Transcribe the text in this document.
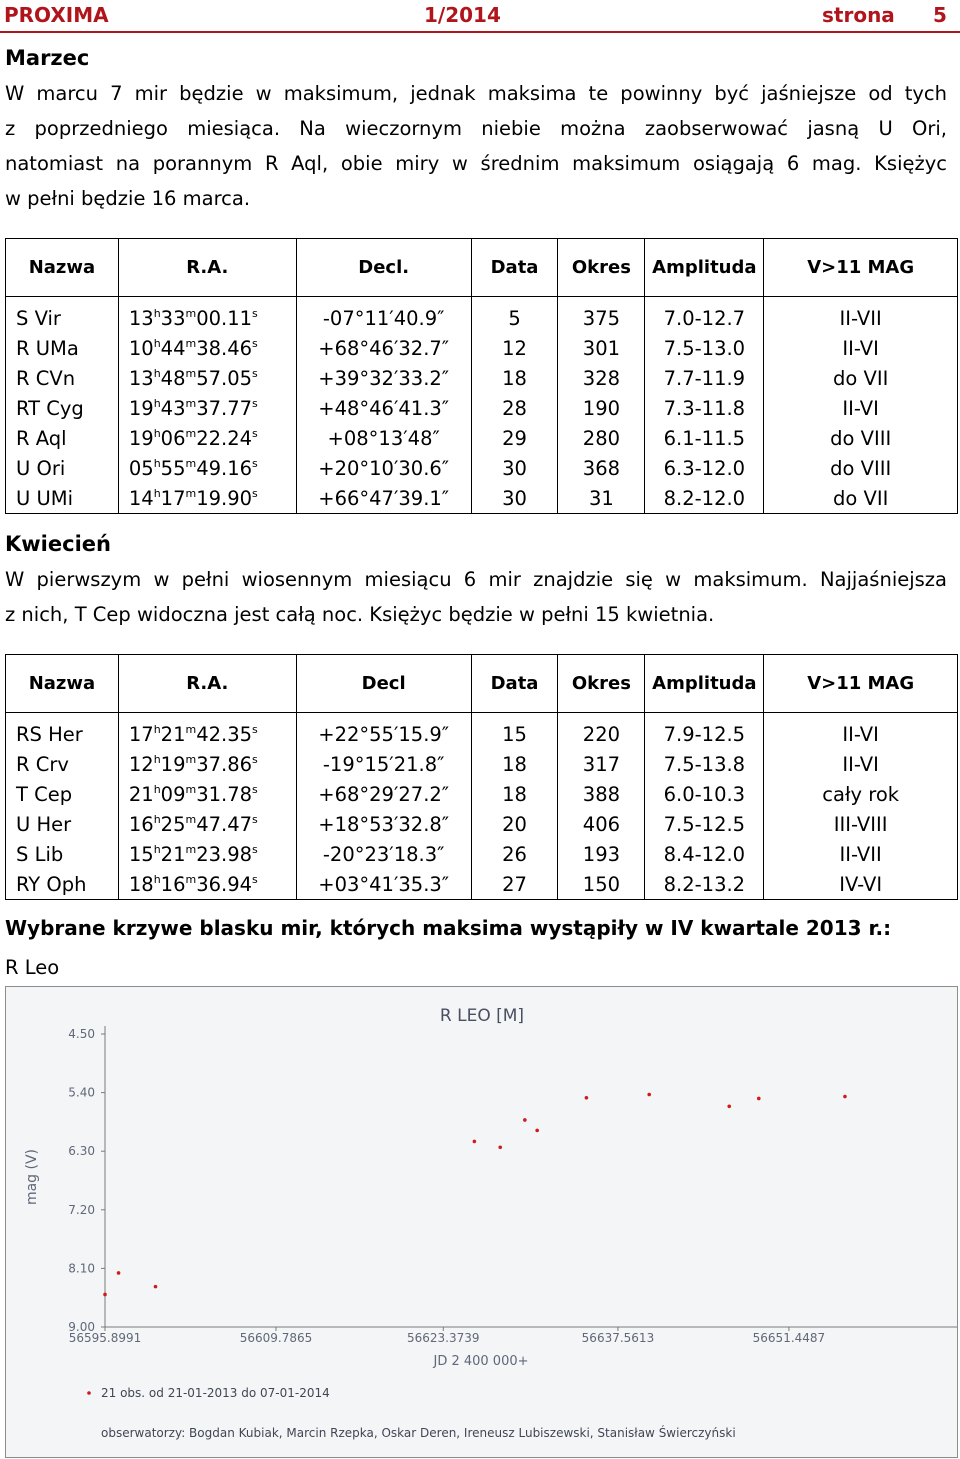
PROXIMA	1/2014	strona 5
Marzec
W marcu 7 mir będzie w maksimum, jednak maksima te powinny być jaśniejsze od tych
z poprzedniego miesiąca. Na wieczornym niebie można zaobserwować jasną U Ori,
natomiast na porannym R Aql, obie miry w średnim maksimum osiągają 6 mag. Księżyc
w pełni będzie 16 marca.
Nazwa	R.A.	Decl.	Data	Okres	Amplituda	V>11 MAG
S Vir	13$^h$33$^m$00.11$^s$	-07°11′40.9″	5	375	7.0-12.7	II-VII
R UMa	$10^h44^m38.46^s$	+68°46′32.7″	12	301	7.5-13.0	II-VI
R CVn	$13^h48^m57.05^s$	+39°32′33.2″	18	328	7.7-11.9	do VII
RT Cyg	$19^h43^m37.77^s$	+48°46′41.3″	28	190	7.3-11.8	II-VI
R Aql	$19^h06^m22.24^s$	+08°13′48″	29	280	6.1-11.5	do VIII
U Ori	$05^h55^m49.16^s$	+20°10′30.6″	30	368	6.3-12.0	do VIII
U UMi	$14^h17^m19.90^s$	+66°47′39.1″	30	31	8.2-12.0	do VII
Kwiecień
W pierwszym w pełni wiosennym miesiącu 6 mir znajdzie się w maksimum. Najjaśniejsza
z nich, T Cep widoczna jest całą noc. Księżyc będzie w pełni 15 kwietnia.
Nazwa	R.A.	Decl	Data	Okres	Amplituda	V>11 MAG
RS Her	$17^h21^m42.35^s$	+22°55′15.9″	15	220	7.9-12.5	II-VI
R Crv	12$^h$19$^m$37.86$^s$	-19°15′21.8″	18	317	7.5-13.8	II-VI
T Cep	$21^h09^m31.78^s$	+68°29′27.2″	18	388	6.0-10.3	cały rok
U Her	$16^h25^m47.47^s$	+18°53′32.8″	20	406	7.5-12.5	III-VIII
S Lib	15$^h$21$^m$23.98$^s$	-20°23′18.3″	26	193	8.4-12.0	II-VII
RY Oph	$18^h16^m36.94^s$	+03°41′35.3″	27	150	8.2-13.2	IV-VI
Wybrane krzywe blasku mir, których maksima wystąpiły w IV kwartale 2013 r.:
R Leo
4.50
5.40
6.30
7.20
8.10
9.00
56595.8991	56609.7865	56623.3739	56637.5613	56651.4487
R LEO [M]
JD 2 400 000+
mag (V)
21 obs. od 21-01-2013 do 07-01-2014
obserwatorzy: Bogdan Kubiak, Marcin Rzepka, Oskar Deren, Ireneusz Lubiszewski, Stanisław Świerczyński
